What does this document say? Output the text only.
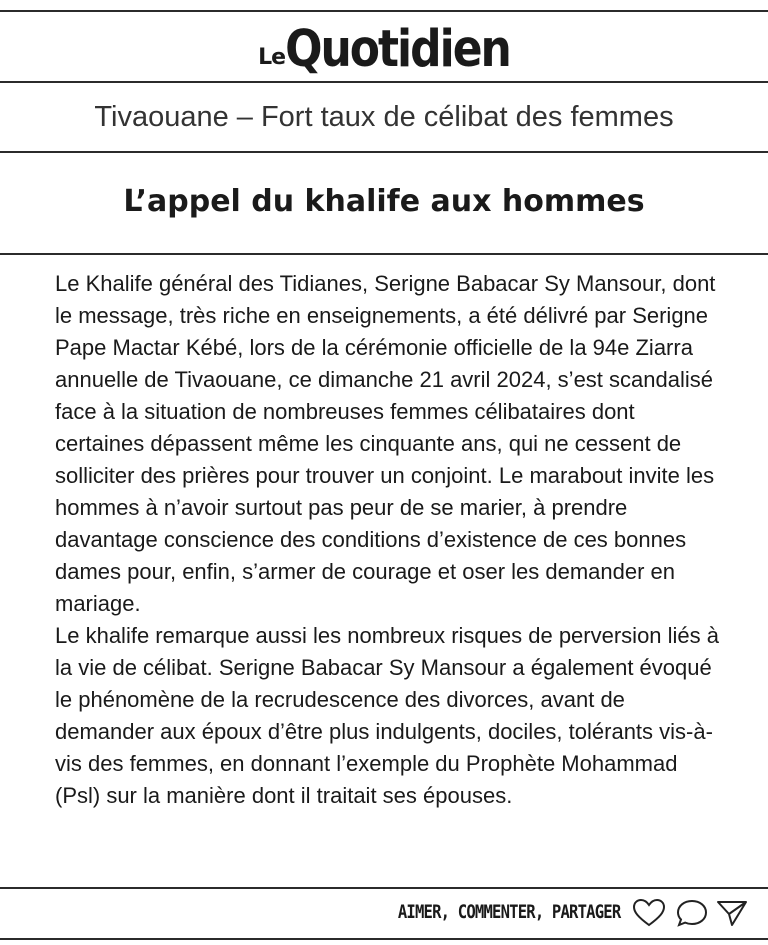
LeQuotidien
Tivaouane – Fort taux de célibat des femmes
L’appel du khalife aux hommes

Le Khalife général des Tidianes, Serigne Babacar Sy Mansour, dont le message, très riche en enseignements, a été délivré par Serigne Pape Mactar Kébé, lors de la cérémonie officielle de la 94e Ziarra annuelle de Tivaouane, ce dimanche 21 avril 2024, s’est scandalisé face à la situation de nombreuses femmes célibataires dont certaines dépassent même les cinquante ans, qui ne cessent de solliciter des prières pour trouver un conjoint. Le marabout invite les hommes à n’avoir surtout pas peur de se marier, à prendre davantage conscience des conditions d’existence de ces bonnes dames pour, enfin, s’armer de courage et oser les demander en mariage.

Le khalife remarque aussi les nombreux risques de perversion liés à la vie de célibat. Serigne Babacar Sy Mansour a également évoqué le phénomène de la recrudescence des divorces, avant de demander aux époux d’être plus indulgents, dociles, tolérants vis-à-vis des femmes, en donnant l’exemple du Prophète Mohammad (Psl) sur la manière dont il traitait ses épouses.

AIMER, COMMENTER, PARTAGER
